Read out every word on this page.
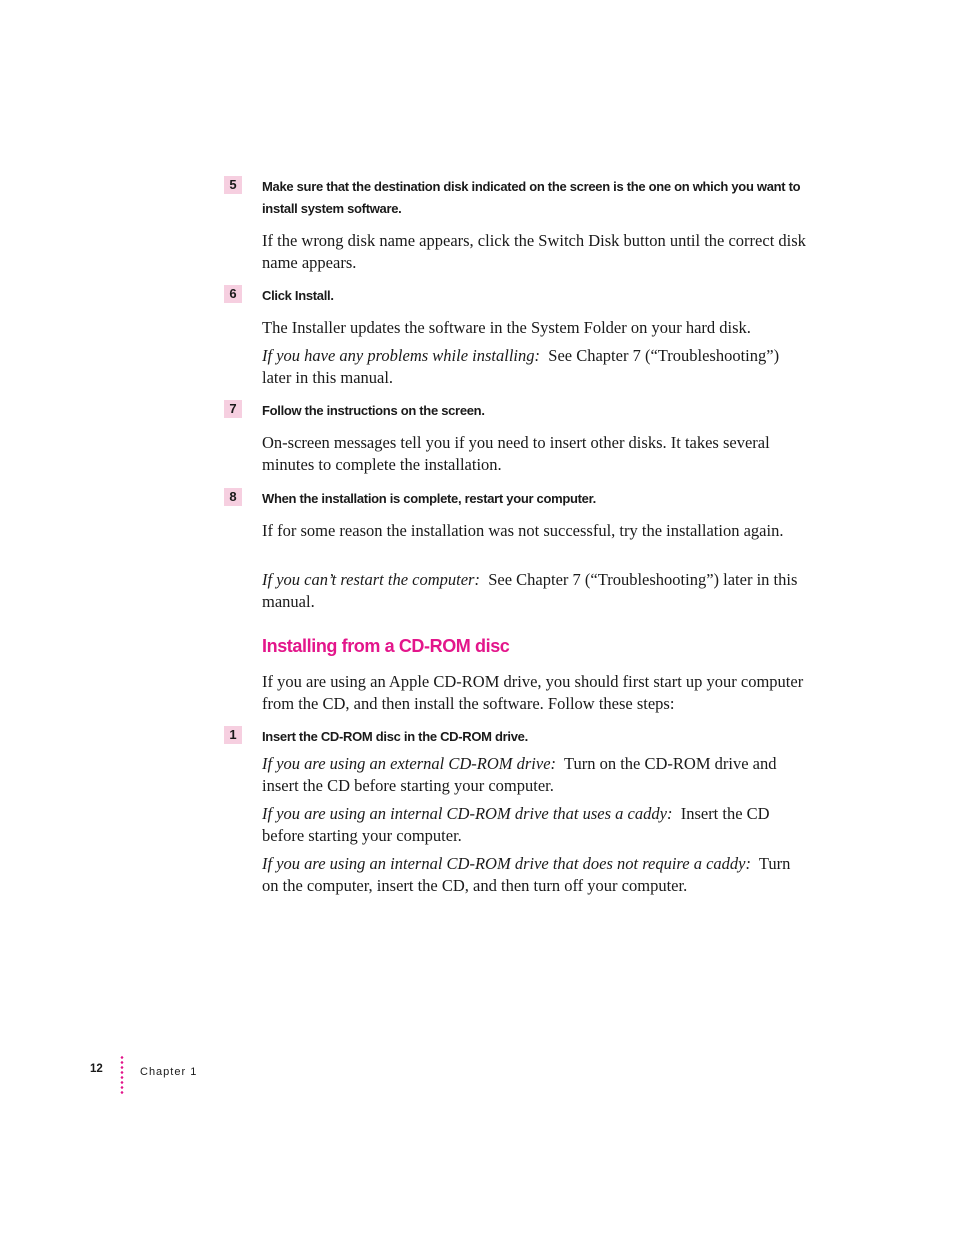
5	Make sure that the destination disk indicated on the screen is the one on which you want to install system software.
If the wrong disk name appears, click the Switch Disk button until the correct disk name appears.
6	Click Install.
The Installer updates the software in the System Folder on your hard disk.
If you have any problems while installing: See Chapter 7 (“Troubleshooting”) later in this manual.
7	Follow the instructions on the screen.
On-screen messages tell you if you need to insert other disks. It takes several minutes to complete the installation.
8	When the installation is complete, restart your computer.
If for some reason the installation was not successful, try the installation again.
If you can’t restart the computer: See Chapter 7 (“Troubleshooting”) later in this manual.
Installing from a CD-ROM disc
If you are using an Apple CD-ROM drive, you should first start up your computer from the CD, and then install the software. Follow these steps:
1	Insert the CD-ROM disc in the CD-ROM drive.
If you are using an external CD-ROM drive: Turn on the CD-ROM drive and insert the CD before starting your computer.
If you are using an internal CD-ROM drive that uses a caddy: Insert the CD before starting your computer.
If you are using an internal CD-ROM drive that does not require a caddy: Turn on the computer, insert the CD, and then turn off your computer.
12	Chapter 1
